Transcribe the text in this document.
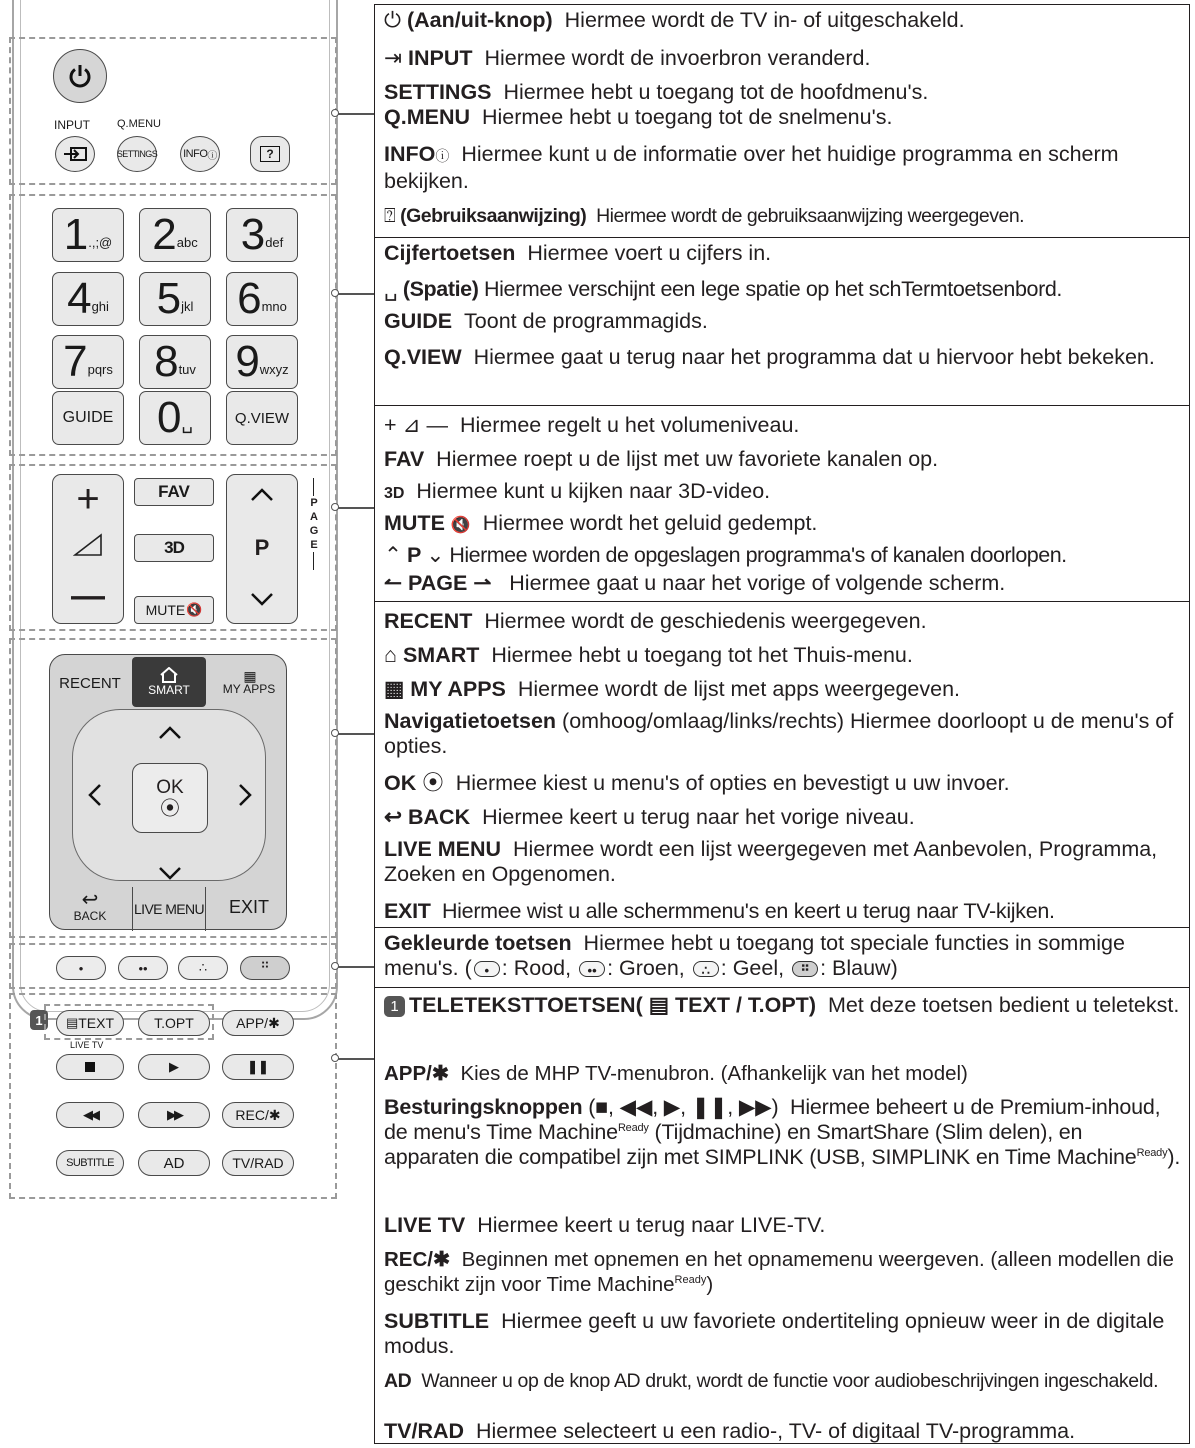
INPUT Q.MENU
SETTINGS INFO ⓘ	?
1 .,;@ 2 abc 3 def
4 ghi 5 jkl 6 mno
7 pqrs 8 tuv 9 wxyz
GUIDE 0 ␣	Q.VIEW
+
—
FAV
3D
MUTE 🔇
P
PAGE
RECENT SMART
▦
MY APPS
OK
⦿
↩
BACK LIVE MENU EXIT
•	••	∴	⠛
1	▤ TEXT	T.OPT	APP/✱
LIVE TV
▶	❚❚
◀◀	▶▶	REC/✱
SUBTITLE	AD	TV/RAD
⏻ (Aan/uit-knop) Hiermee wordt de TV in- of uitgeschakeld.
⇥ INPUT Hiermee wordt de invoerbron veranderd.
SETTINGS Hiermee hebt u toegang tot de hoofdmenu's.
Q.MENU Hiermee hebt u toegang tot de snelmenu's.
INFOⓘ Hiermee kunt u de informatie over het huidige programma en scherm bekijken.
⍰ (Gebruiksaanwijzing) Hiermee wordt de gebruiksaanwijzing weergegeven.
Cijfertoetsen Hiermee voert u cijfers in.
␣ (Spatie) Hiermee verschijnt een lege spatie op het schTermtoetsenbord.
GUIDE Toont de programmagids.
Q.VIEW Hiermee gaat u terug naar het programma dat u hiervoor hebt bekeken.
+ ⊿ —  Hiermee regelt u het volumeniveau.
FAV Hiermee roept u de lijst met uw favoriete kanalen op.
3D Hiermee kunt u kijken naar 3D-video.
MUTE 🔇 Hiermee wordt het geluid gedempt.
⌃ P ⌄ Hiermee worden de opgeslagen programma's of kanalen doorlopen.
↼ PAGE ⇀ Hiermee gaat u naar het vorige of volgende scherm.
RECENT Hiermee wordt de geschiedenis weergegeven.
⌂ SMART Hiermee hebt u toegang tot het Thuis-menu.
▦ MY APPS Hiermee wordt de lijst met apps weergegeven.
Navigatietoetsen (omhoog/omlaag/links/rechts) Hiermee doorloopt u de menu's of opties.
OK ⦿ Hiermee kiest u menu's of opties en bevestigt u uw invoer.
↩ BACK Hiermee keert u terug naar het vorige niveau.
LIVE MENU Hiermee wordt een lijst weergegeven met Aanbevolen, Programma, Zoeken en Opgenomen.
EXIT Hiermee wist u alle schermmenu's en keert u terug naar TV-kijken.
Gekleurde toetsen Hiermee hebt u toegang tot speciale functies in sommige menu's. ( • : Rood,	•• : Groen,	∴ : Geel,	⠛ : Blauw)
1 TELETEKSTTOETSEN( ▤ TEXT / T.OPT) Met deze toetsen bedient u teletekst.
APP/✱ Kies de MHP TV-menubron. (Afhankelijk van het model)
Besturingsknoppen (■, ◀◀, ▶, ❚❚, ▶▶)  Hiermee beheert u de Premium-inhoud, de menu's Time Machine$^{Ready}$ (Tijdmachine) en SmartShare (Slim delen), en apparaten die compatibel zijn met SIMPLINK (USB, SIMPLINK en Time Machine$^{Ready}$).
LIVE TV Hiermee keert u terug naar LIVE-TV.
REC/✱ Beginnen met opnemen en het opnamemenu weergeven. (alleen modellen die geschikt zijn voor Time Machine$^{Ready}$)
SUBTITLE Hiermee geeft u uw favoriete ondertiteling opnieuw weer in de digitale modus.
AD Wanneer u op de knop AD drukt, wordt de functie voor audiobeschrijvingen ingeschakeld.
TV/RAD Hiermee selecteert u een radio-, TV- of digitaal TV-programma.
